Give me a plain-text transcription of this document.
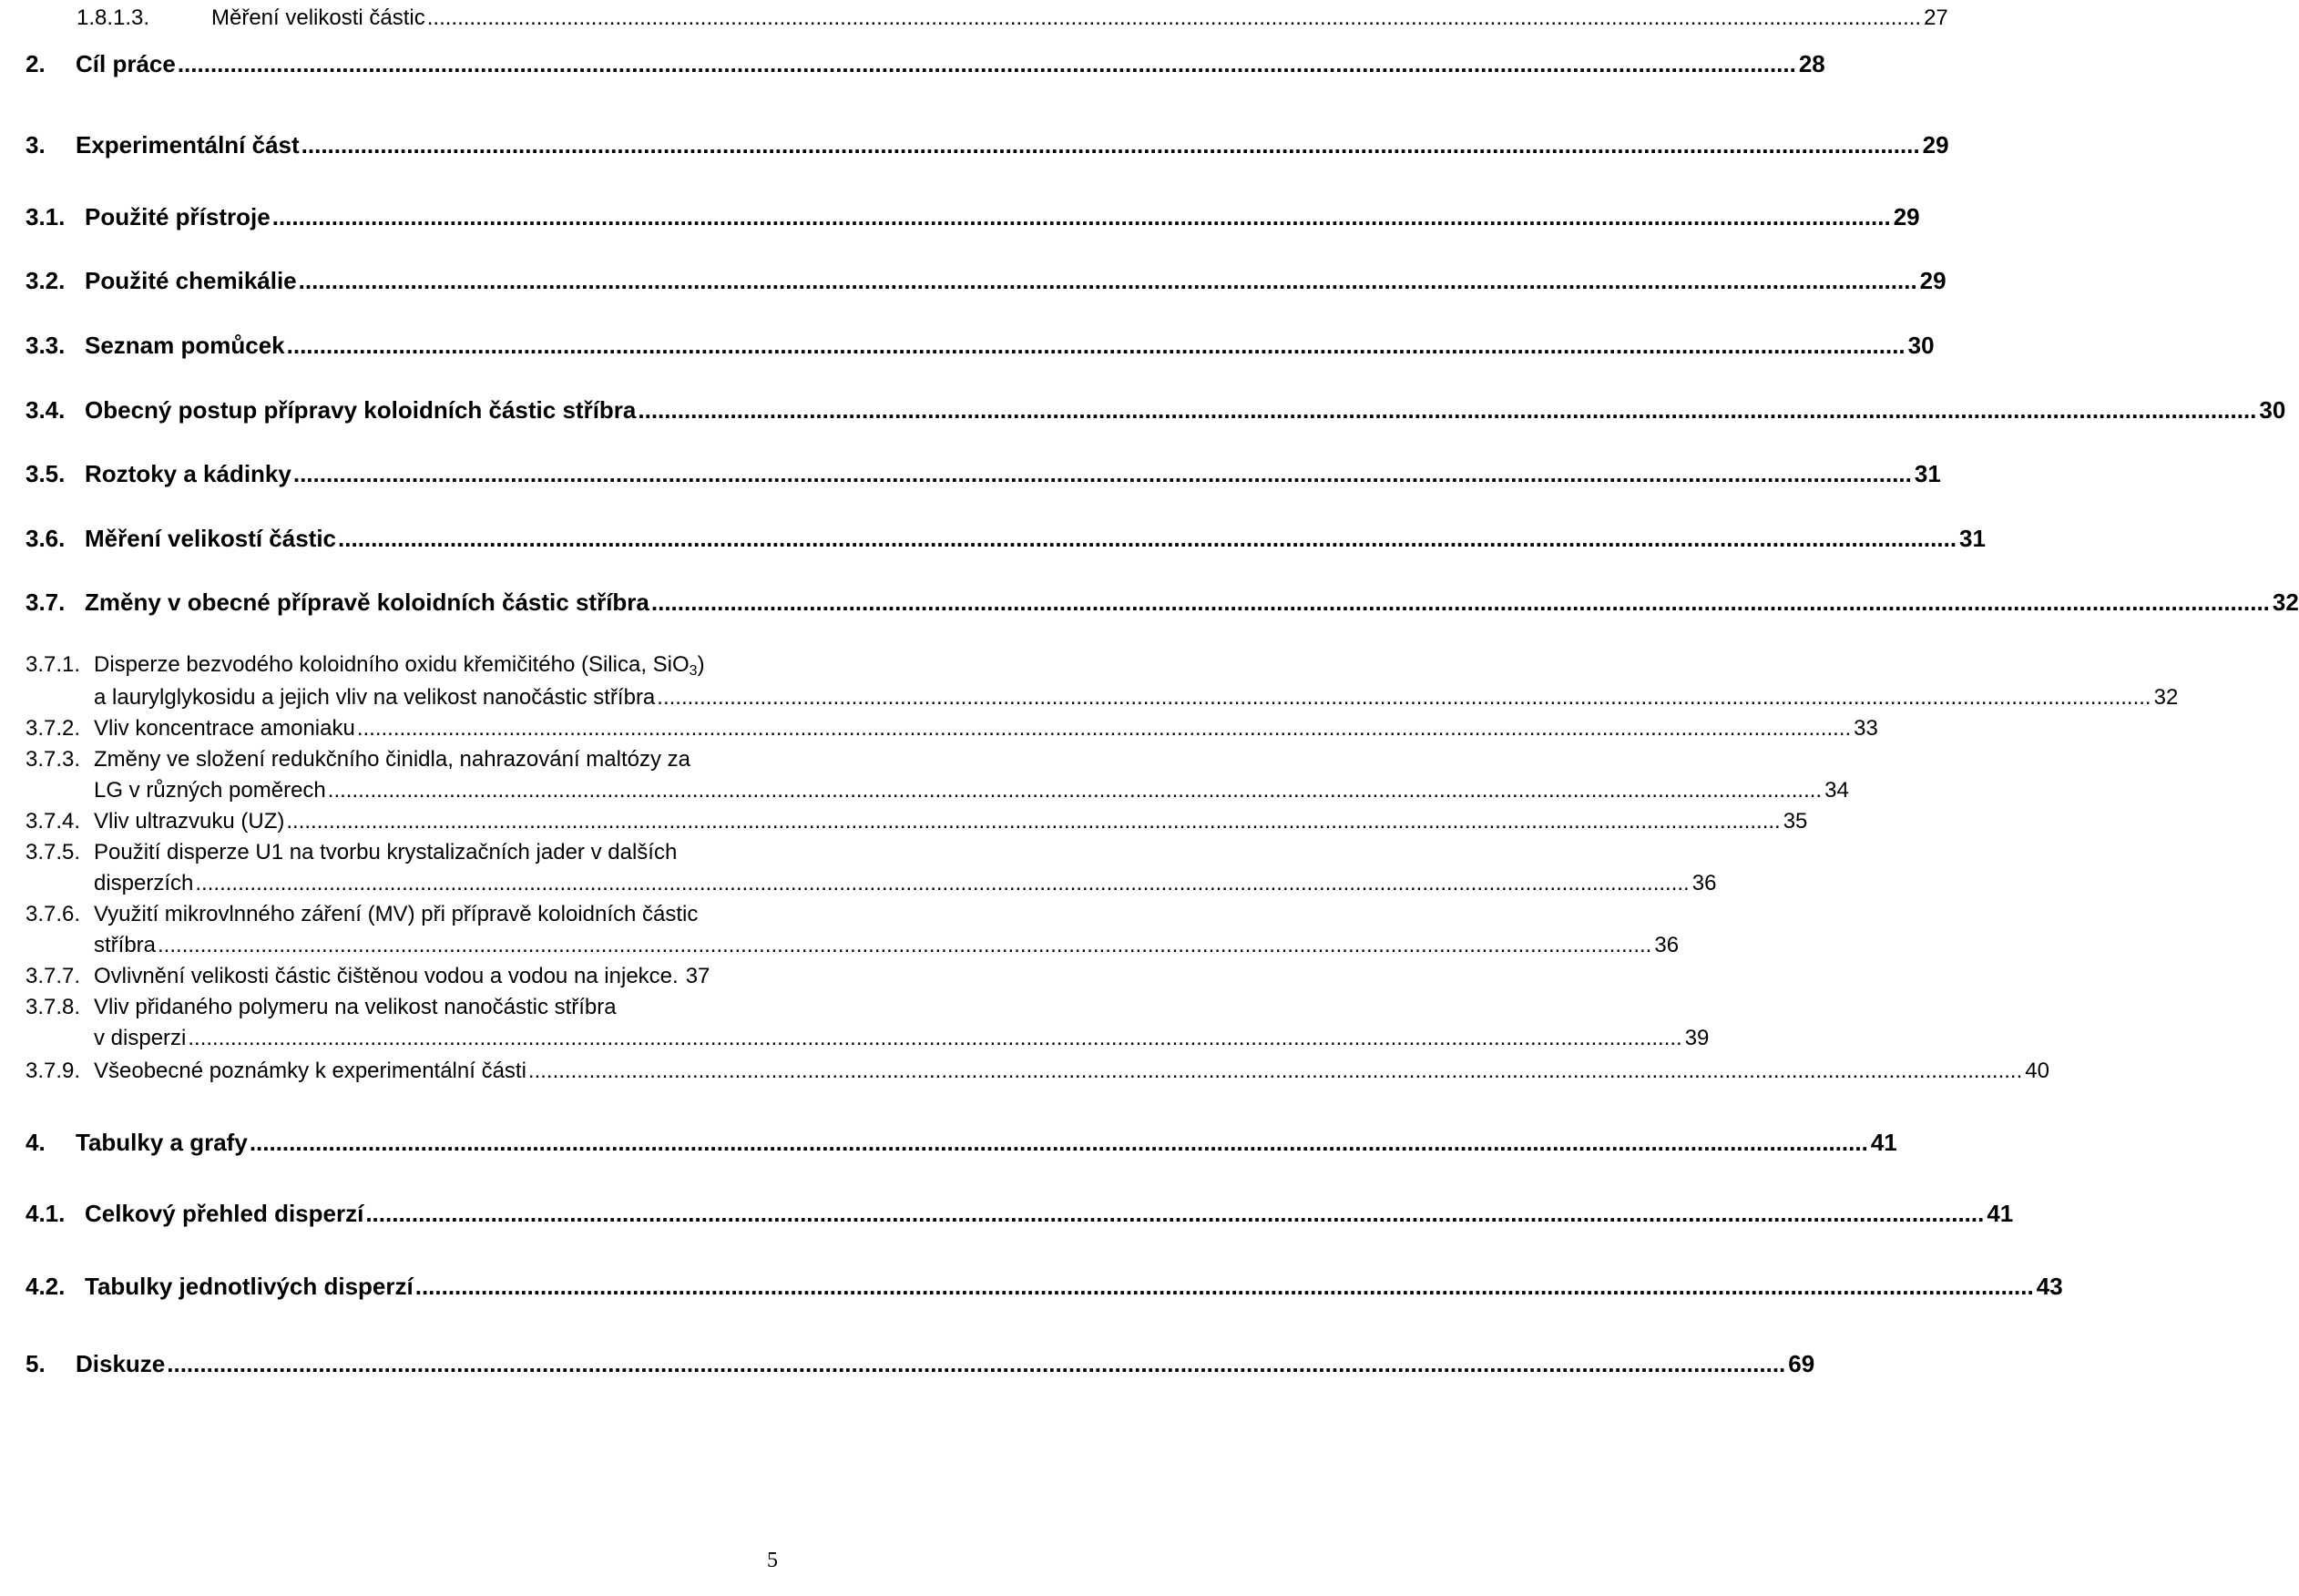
1.8.1.3.	Měření velikosti částic .....	27
2.	Cíl práce .....	28
3.	Experimentální část .....	29
3.1. Použité přístroje .....	29
3.2. Použité chemikálie .....	29
3.3. Seznam pomůcek .....	30
3.4. Obecný postup přípravy koloidních částic stříbra .....	30
3.5. Roztoky a kádinky .....	31
3.6. Měření velikostí částic .....	31
3.7. Změny v obecné přípravě koloidních částic stříbra .....	32
3.7.1. Disperze bezvodého koloidního oxidu křemičitého (Silica, SiO$_3$)
a laurylglykosidu a jejich vliv na velikost nanočástic stříbra .....	32
3.7.2. Vliv koncentrace amoniaku .....	33
3.7.3. Změny ve složení redukčního činidla, nahrazování maltózy za
LG v různých poměrech .....	34
3.7.4. Vliv ultrazvuku (UZ) .....	35
3.7.5. Použití disperze U1 na tvorbu krystalizačních jader v dalších
disperzích .....	36
3.7.6. Využití mikrovlnného záření (MV) při přípravě koloidních částic
stříbra .....	36
3.7.7. Ovlivnění velikosti částic čištěnou vodou a vodou na injekce. 37
3.7.8. Vliv přidaného polymeru na velikost nanočástic stříbra
v disperzi .....	39
3.7.9. Všeobecné poznámky k experimentální části .....	40
4.	Tabulky a grafy .....	41
4.1. Celkový přehled disperzí .....	41
4.2. Tabulky jednotlivých disperzí .....	43
5.	Diskuze .....	69
5
